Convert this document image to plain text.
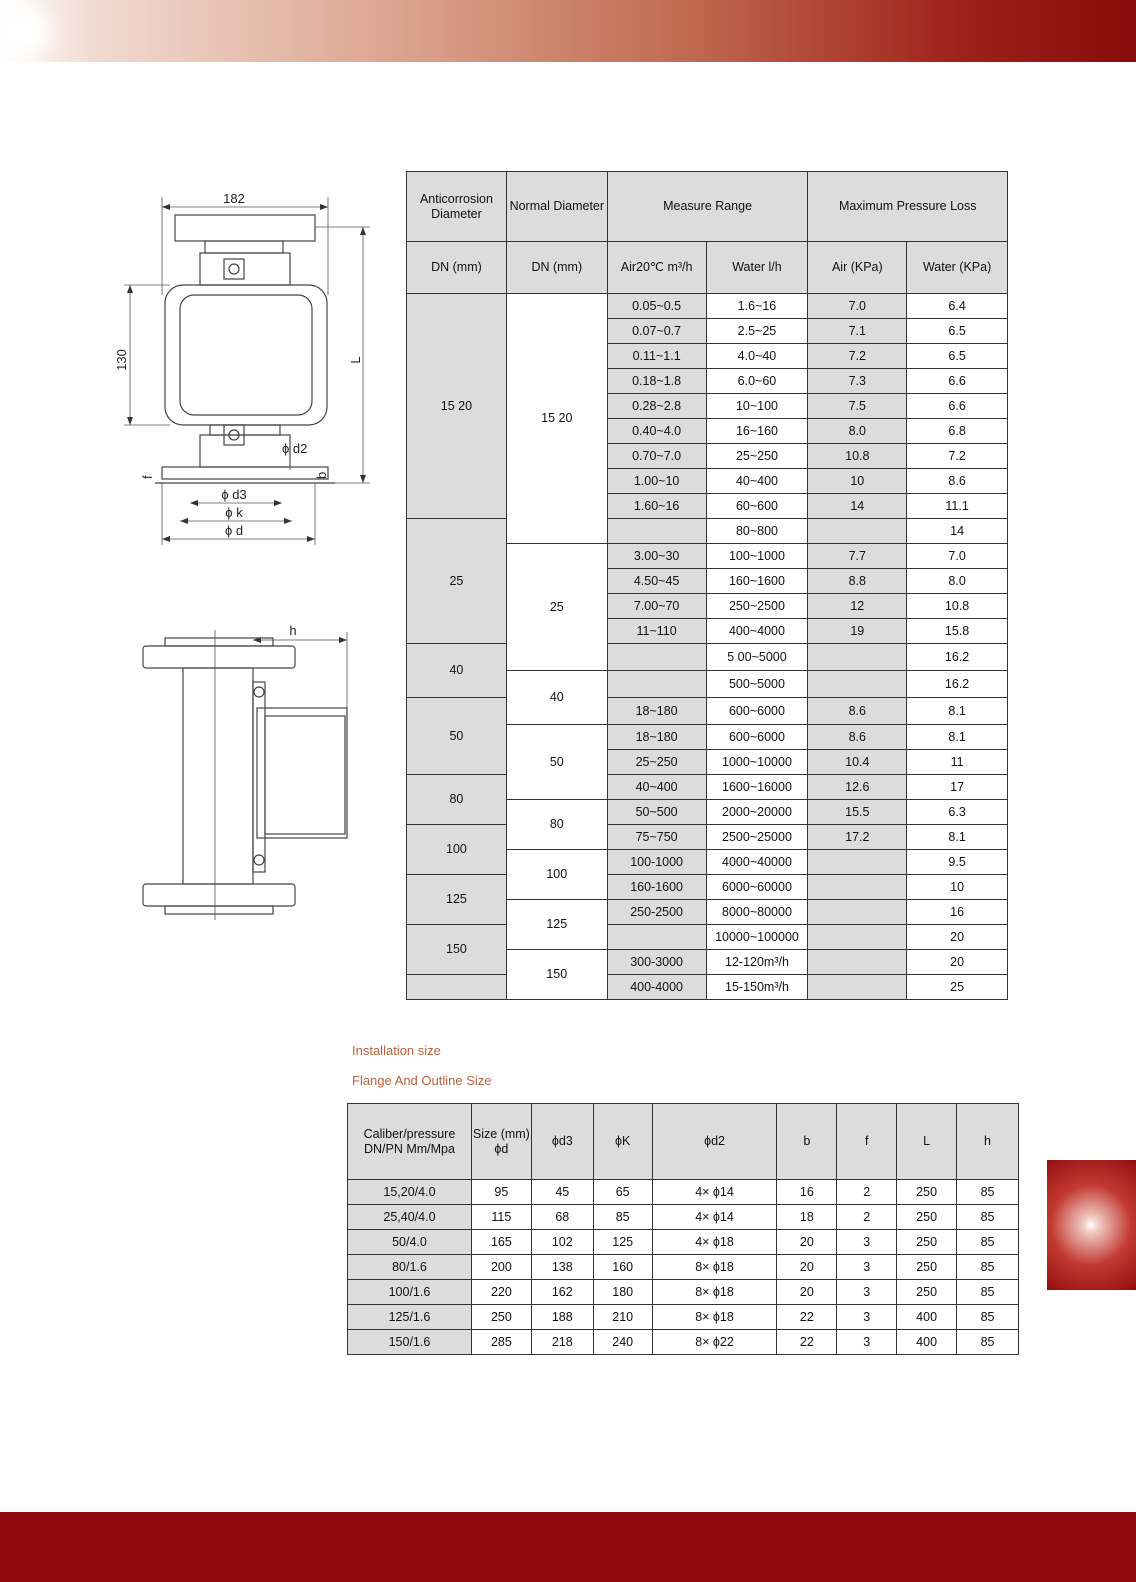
182
130	L
ϕ d2
f	b
ϕ d3
ϕ k
ϕ d
h
Anticorrosion Diameter	Normal Diameter	Measure Range		Maximum Pressure Loss	
DN (mm)	DN (mm)	Air20℃ m³/h	Water l/h	Air (KPa)	Water (KPa)
15 20	15 20	0.05~0.5	1.6~16	7.0	6.4
		0.07~0.7	2.5~25	7.1	6.5
		0.11~1.1	4.0~40	7.2	6.5
		0.18~1.8	6.0~60	7.3	6.6
		0.28~2.8	10~100	7.5	6.6
		0.40~4.0	16~160	8.0	6.8
		0.70~7.0	25~250	10.8	7.2
		1.00~10	40~400	10	8.6
		1.60~16	60~600	14	11.1
25			80~800		14
	25	3.00~30	100~1000	7.7	7.0
		4.50~45	160~1600	8.8	8.0
		7.00~70	250~2500	12	10.8
		11~110	400~4000	19	15.8
40			5 00~5000		16.2
	40		500~5000		16.2
50		18~180	600~6000	8.6	8.1
	50	18~180	600~6000	8.6	8.1
		25~250	1000~10000	10.4	11
80		40~400	1600~16000	12.6	17
	80	50~500	2000~20000	15.5	6.3
100		75~750	2500~25000	17.2	8.1
	100	100-1000	4000~40000		9.5
125		160-1600	6000~60000		10
	125	250-2500	8000~80000		16
150			10000~100000		20
	150	300-3000	12-120m³/h		20
		400-4000	15-150m³/h		25
Installation size
Flange And Outline Size
Caliber/pressure DN/PN Mm/Mpa	Size (mm) ϕd	ϕd3	ϕK	ϕd2	b	f	L	h
15,20/4.0	95	45	65	4× ϕ14	16	2	250	85
25,40/4.0	115	68	85	4× ϕ14	18	2	250	85
50/4.0	165	102	125	4× ϕ18	20	3	250	85
80/1.6	200	138	160	8× ϕ18	20	3	250	85
100/1.6	220	162	180	8× ϕ18	20	3	250	85
125/1.6	250	188	210	8× ϕ18	22	3	400	85
150/1.6	285	218	240	8× ϕ22	22	3	400	85
